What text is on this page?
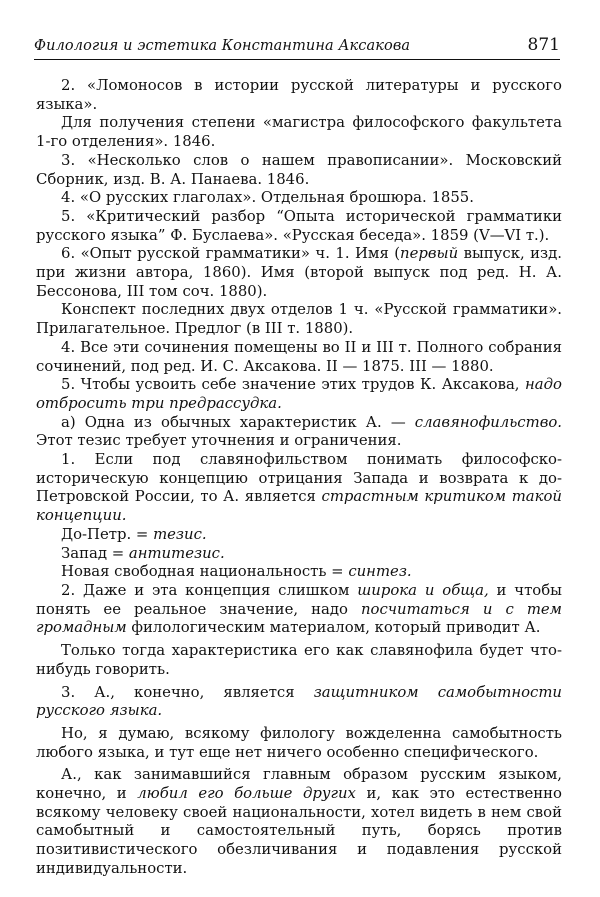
Филология и эстетика Константина Аксакова	871

2. «Ломоносов в истории русской литературы и русского языка».

Для получения степени «магистра философского факультета 1-го отделения». 1846.

3. «Несколько слов о нашем правописании». Московский Сборник, изд. В. А. Панаева. 1846.

4. «О русских глаголах». Отдельная брошюра. 1855.

5. «Критический разбор “Опыта исторической грамматики русского языка” Ф. Буслаева». «Русская беседа». 1859 (V—VI т.).

6. «Опыт русской грамматики» ч. 1. Имя (первый выпуск, изд. при жизни автора, 1860). Имя (второй выпуск под ред. Н. А. Бессонова, III том соч. 1880).

Конспект последних двух отделов 1 ч. «Русской грамматики». Прилагательное. Предлог (в III т. 1880).

4. Все эти сочинения помещены во II и III т. Полного собрания сочинений, под ред. И. С. Аксакова. II — 1875. III — 1880.

5. Чтобы усвоить себе значение этих трудов К. Аксакова, надо отбросить три предрассудка.

а) Одна из обычных характеристик А. — славянофильство. Этот тезис требует уточнения и ограничения.

1. Если под славянофильством понимать философско-историческую концепцию отрицания Запада и возврата к до-Петровской России, то А. является страстным критиком такой концепции.

До-Петр. = тезис.

Запад = антитезис.

Новая свободная национальность = синтез.

2. Даже и эта концепция слишком широка и обща, и чтобы понять ее реальное значение, надо посчитаться и с тем громадным филологическим материалом, который приводит А.

Только тогда характеристика его как славянофила будет что-нибудь говорить.

3. А., конечно, является защитником самобытности русского языка.

Но, я думаю, всякому филологу вожделенна самобытность любого языка, и тут еще нет ничего особенно специфического.

А., как занимавшийся главным образом русским языком, конечно, и любил его больше других и, как это естественно всякому человеку своей национальности, хотел видеть в нем свой самобытный и самостоятельный путь, борясь против позитивистического обезличивания и подавления русской индивидуальности.
